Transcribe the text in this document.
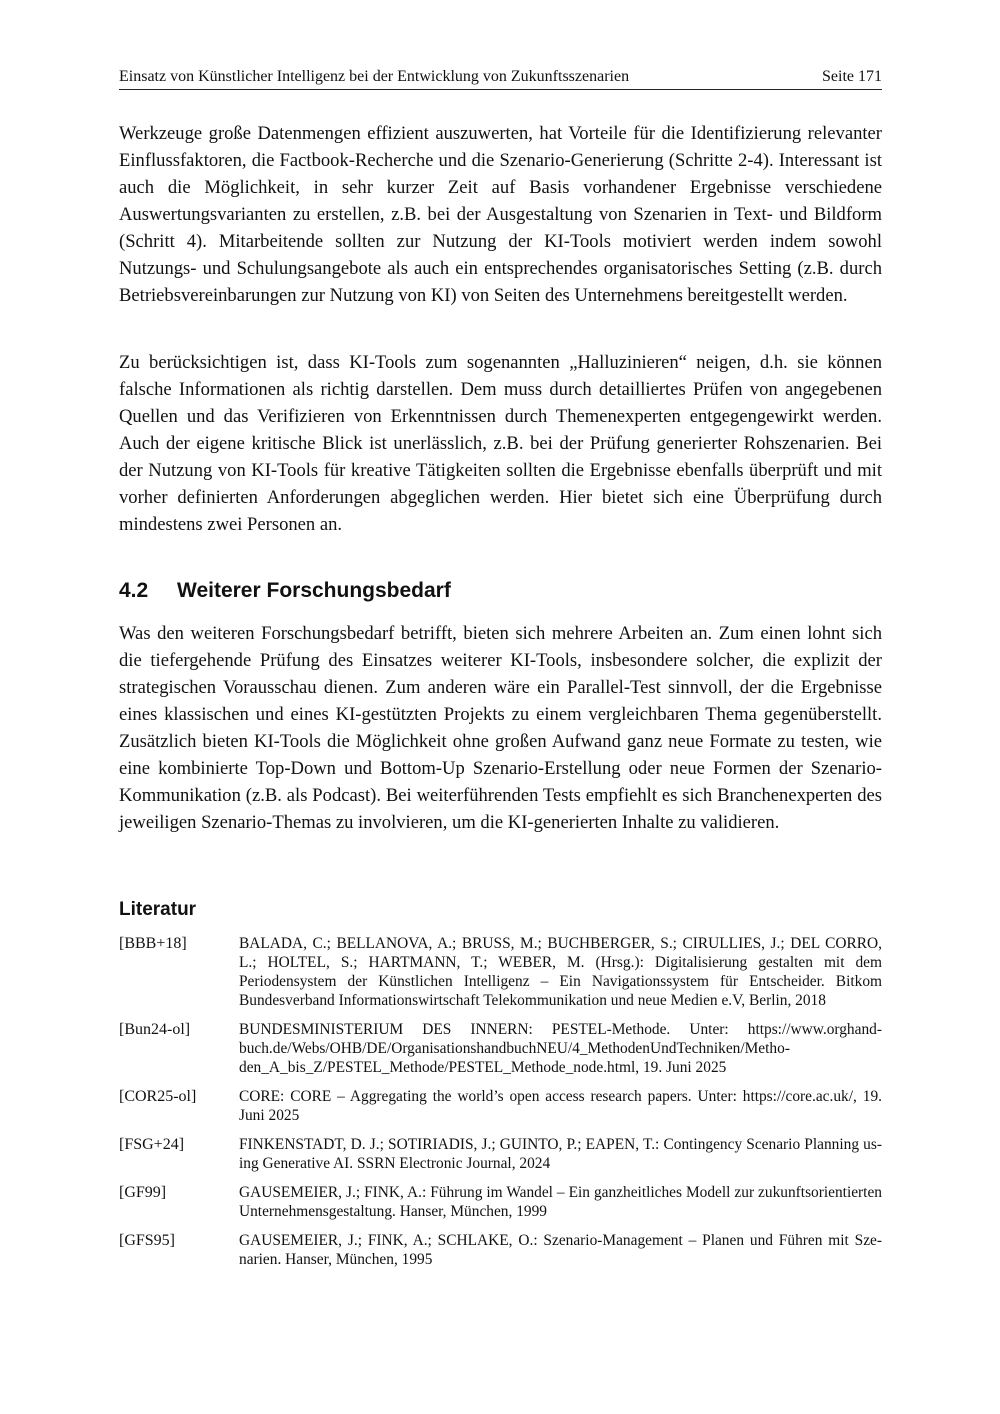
Einsatz von Künstlicher Intelligenz bei der Entwicklung von Zukunftsszenarien	Seite 171
Werkzeuge große Datenmengen effizient auszuwerten, hat Vorteile für die Identifizierung relevanter Einflussfaktoren, die Factbook-Recherche und die Szenario-Generierung (Schritte 2-4). Interessant ist auch die Möglichkeit, in sehr kurzer Zeit auf Basis vorhandener Ergebnisse verschiedene Auswertungsvarianten zu erstellen, z.B. bei der Ausgestaltung von Szenarien in Text- und Bildform (Schritt 4). Mitarbeitende sollten zur Nutzung der KI-Tools motiviert werden indem sowohl Nutzungs- und Schulungsangebote als auch ein entsprechendes organisatorisches Setting (z.B. durch Betriebsvereinbarungen zur Nutzung von KI) von Seiten des Unternehmens bereitgestellt werden.
Zu berücksichtigen ist, dass KI-Tools zum sogenannten „Halluzinieren“ neigen, d.h. sie können falsche Informationen als richtig darstellen. Dem muss durch detailliertes Prüfen von angegebenen Quellen und das Verifizieren von Erkenntnissen durch Themenexperten entgegengewirkt werden. Auch der eigene kritische Blick ist unerlässlich, z.B. bei der Prüfung generierter Rohszenarien. Bei der Nutzung von KI-Tools für kreative Tätigkeiten sollten die Ergebnisse ebenfalls überprüft und mit vorher definierten Anforderungen abgeglichen werden. Hier bietet sich eine Überprüfung durch mindestens zwei Personen an.
4.2 Weiterer Forschungsbedarf
Was den weiteren Forschungsbedarf betrifft, bieten sich mehrere Arbeiten an. Zum einen lohnt sich die tiefergehende Prüfung des Einsatzes weiterer KI-Tools, insbesondere solcher, die explizit der strategischen Vorausschau dienen. Zum anderen wäre ein Parallel-Test sinnvoll, der die Ergebnisse eines klassischen und eines KI-gestützten Projekts zu einem vergleichbaren Thema gegenüberstellt. Zusätzlich bieten KI-Tools die Möglichkeit ohne großen Aufwand ganz neue Formate zu testen, wie eine kombinierte Top-Down und Bottom-Up Szenario-Erstellung oder neue Formen der Szenario-Kommunikation (z.B. als Podcast). Bei weiterführenden Tests empfiehlt es sich Branchenexperten des jeweiligen Szenario-Themas zu involvieren, um die KI-generierten Inhalte zu validieren.
Literatur
[BBB+18]	BALADA, C.; BELLANOVA, A.; BRUSS, M.; BUCHBERGER, S.; CIRULLIES, J.; DEL CORRO, L.; HOLTEL, S.; HARTMANN, T.; WEBER, M. (Hrsg.): Digitalisierung gestalten mit dem Periodensystem der Künstlichen Intelligenz – Ein Navigationssystem für Entscheider. Bitkom Bundesverband Informationswirtschaft Telekommunikation und neue Medien e.V, Berlin, 2018
[Bun24-ol]	BUNDESMINISTERIUM DES INNERN: PESTEL-Methode. Unter: https://www.orghandbuch.de/Webs/OHB/DE/OrganisationshandbuchNEU/4_MethodenUndTechniken/Methoden_A_bis_Z/PESTEL_Methode/PESTEL_Methode_node.html, 19. Juni 2025
[COR25-ol]	CORE: CORE – Aggregating the world’s open access research papers. Unter: https://core.ac.uk/, 19. Juni 2025
[FSG+24]	FINKENSTADT, D. J.; SOTIRIADIS, J.; GUINTO, P.; EAPEN, T.: Contingency Scenario Planning using Generative AI. SSRN Electronic Journal, 2024
[GF99]	GAUSEMEIER, J.; FINK, A.: Führung im Wandel – Ein ganzheitliches Modell zur zukunftsorientierten Unternehmensgestaltung. Hanser, München, 1999
[GFS95]	GAUSEMEIER, J.; FINK, A.; SCHLAKE, O.: Szenario-Management – Planen und Führen mit Szenarien. Hanser, München, 1995
